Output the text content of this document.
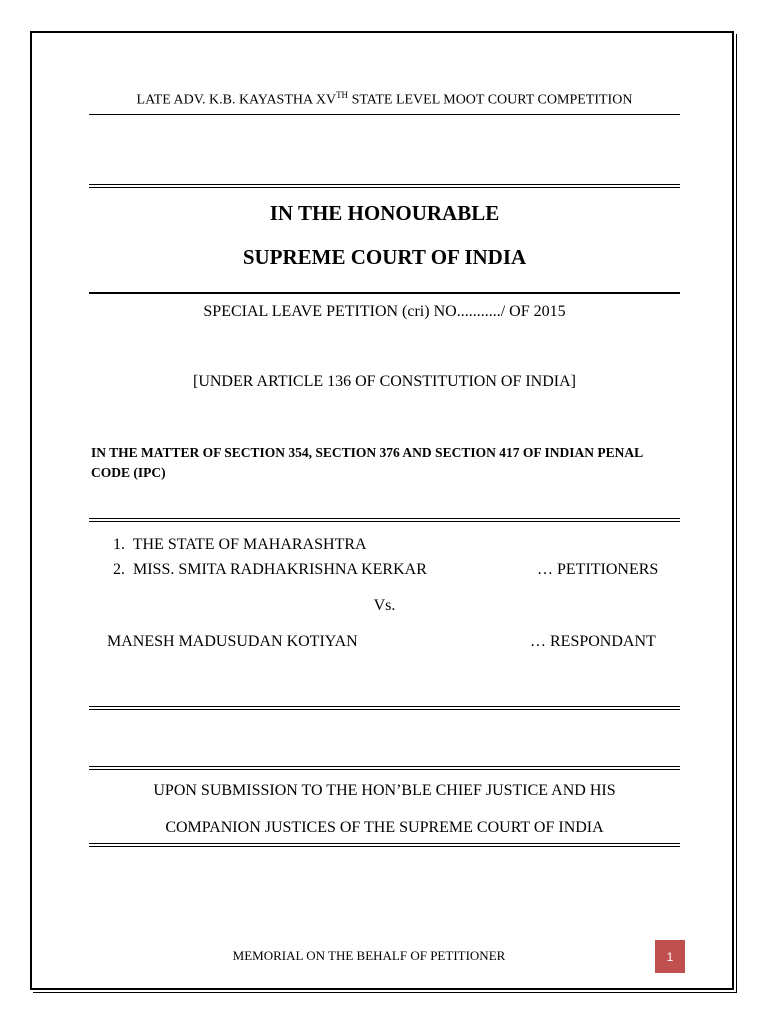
LATE ADV. K.B. KAYASTHA XVTH STATE LEVEL MOOT COURT COMPETITION
IN THE HONOURABLE
SUPREME COURT OF INDIA
SPECIAL LEAVE PETITION (cri) NO.........../ OF 2015
[UNDER ARTICLE 136 OF CONSTITUTION OF INDIA]
IN THE MATTER OF SECTION 354, SECTION 376 AND SECTION 417 OF INDIAN PENAL CODE (IPC)
1. THE STATE OF MAHARASHTRA
2. MISS. SMITA RADHAKRISHNA KERKAR	… PETITIONERS
Vs.
MANESH MADUSUDAN KOTIYAN	… RESPONDANT
UPON SUBMISSION TO THE HON’BLE CHIEF JUSTICE AND HIS
COMPANION JUSTICES OF THE SUPREME COURT OF INDIA
MEMORIAL ON THE BEHALF OF PETITIONER	1
